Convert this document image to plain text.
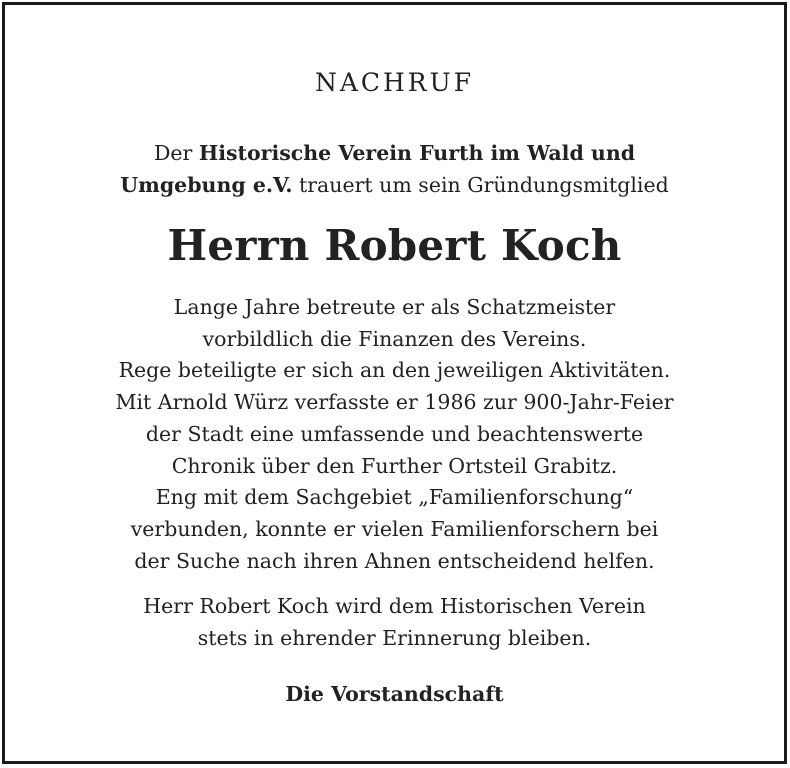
NACHRUF

Der Historische Verein Furth im Wald und
Umgebung e.V. trauert um sein Gründungsmitglied

Herrn Robert Koch

Lange Jahre betreute er als Schatzmeister
vorbildlich die Finanzen des Vereins.
Rege beteiligte er sich an den jeweiligen Aktivitäten.
Mit Arnold Würz verfasste er 1986 zur 900-Jahr-Feier
der Stadt eine umfassende und beachtenswerte
Chronik über den Further Ortsteil Grabitz.
Eng mit dem Sachgebiet „Familienforschung“
verbunden, konnte er vielen Familienforschern bei
der Suche nach ihren Ahnen entscheidend helfen.

Herr Robert Koch wird dem Historischen Verein
stets in ehrender Erinnerung bleiben.

Die Vorstandschaft
